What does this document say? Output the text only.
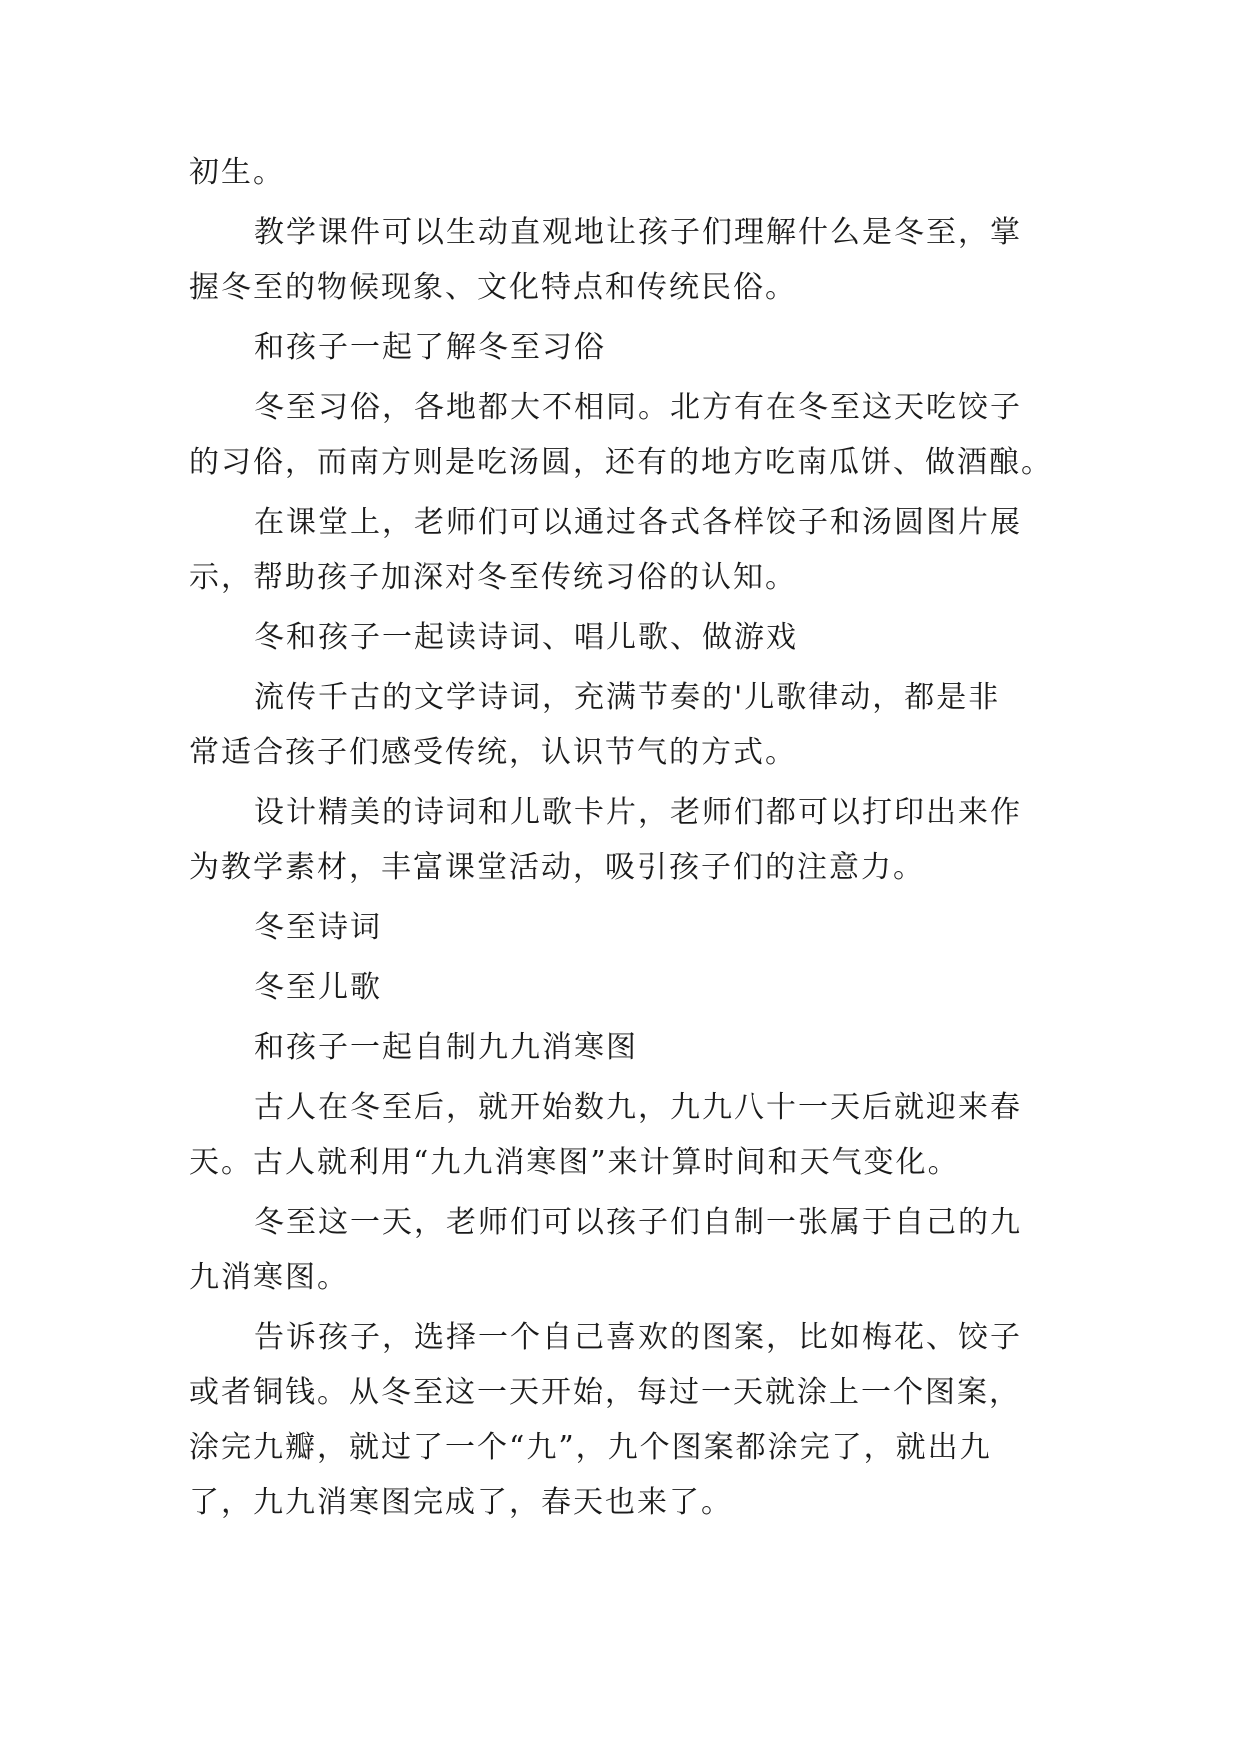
初生。
教学课件可以生动直观地让孩子们理解什么是冬至，掌
握冬至的物候现象、文化特点和传统民俗。
和孩子一起了解冬至习俗
冬至习俗，各地都大不相同。北方有在冬至这天吃饺子
的习俗，而南方则是吃汤圆，还有的地方吃南瓜饼、做酒酿。
在课堂上，老师们可以通过各式各样饺子和汤圆图片展
示，帮助孩子加深对冬至传统习俗的认知。
冬和孩子一起读诗词、唱儿歌、做游戏
流传千古的文学诗词，充满节奏的'儿歌律动，都是非
常适合孩子们感受传统，认识节气的方式。
设计精美的诗词和儿歌卡片，老师们都可以打印出来作
为教学素材，丰富课堂活动，吸引孩子们的注意力。
冬至诗词
冬至儿歌
和孩子一起自制九九消寒图
古人在冬至后，就开始数九，九九八十一天后就迎来春
天。古人就利用“九九消寒图”来计算时间和天气变化。
冬至这一天，老师们可以孩子们自制一张属于自己的九
九消寒图。
告诉孩子，选择一个自己喜欢的图案，比如梅花、饺子
或者铜钱。从冬至这一天开始，每过一天就涂上一个图案，
涂完九瓣，就过了一个“九”，九个图案都涂完了，就出九
了，九九消寒图完成了，春天也来了。
